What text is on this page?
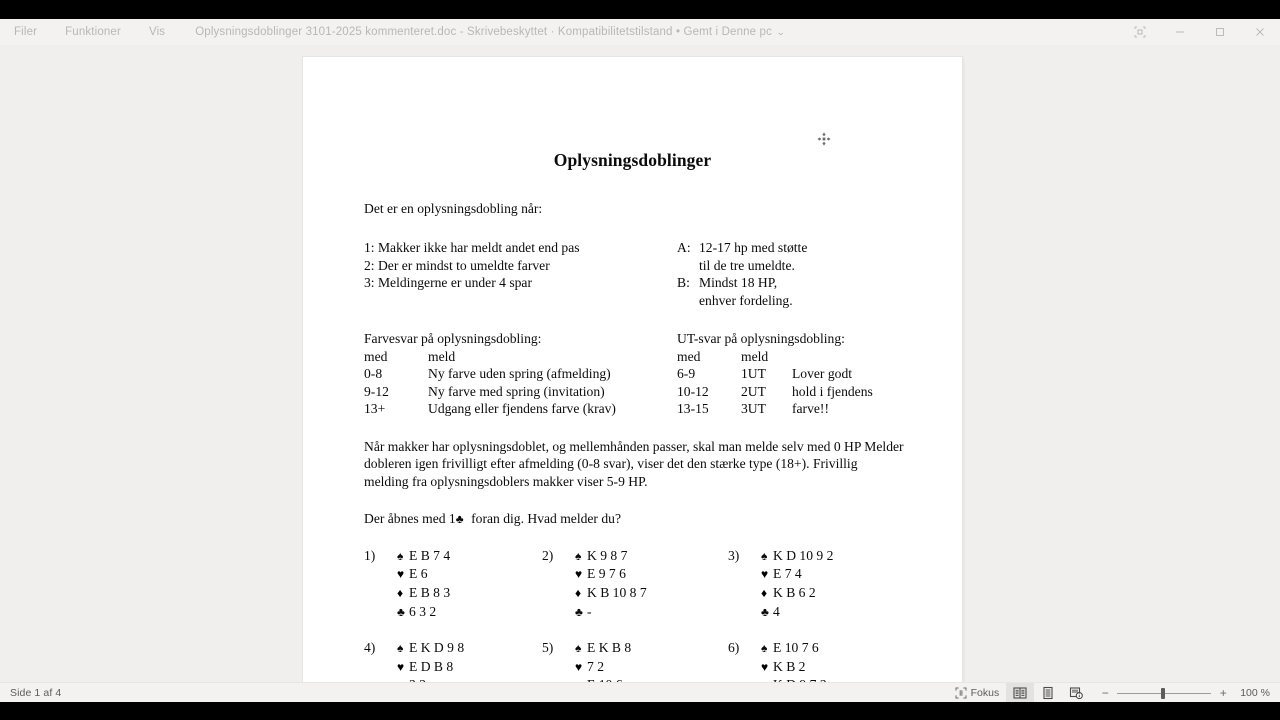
Filer	Funktioner	Vis	Oplysningsdoblinger 3101-2025 kommenteret.doc - Skrivebeskyttet · Kompatibilitetstilstand • Gemt i Denne pc ⌄
Oplysningsdoblinger
Det er en oplysningsdobling når:
1: Makker ikke har meldt andet end pas	A: 12-17 hp med støtte
2: Der er mindst to umeldte farver	til de tre umeldte.
3: Meldingerne er under 4 spar	B: Mindst 18 HP,
enhver fordeling.
Farvesvar på oplysningsdobling:
med	meld
0-8	Ny farve uden spring (afmelding)
9-12	Ny farve med spring (invitation)
13+	Udgang eller fjendens farve (krav)
UT-svar på oplysningsdobling:
med	meld	
6-9	1UT	Lover godt
10-12	2UT	hold i fjendens
13-15	3UT	farve!!
Når makker har oplysningsdoblet, og mellemhånden passer, skal man melde selv med 0 HP Melder dobleren igen frivilligt efter afmelding (0-8 svar), viser det den stærke type (18+). Frivillig melding fra oplysningsdoblers makker viser 5-9 HP.
Der åbnes med 1♣ foran dig. Hvad melder du?
1)	♠ E B 7 4
♥ E 6
♦ E B 8 3
♣ 6 3 2
2)	♠ K 9 8 7
♥ E 9 7 6
♦ K B 10 8 7
♣ -
3)	♠ K D 10 9 2
♥ E 7 4
♦ K B 6 2
♣ 4
4)	♠ E K D 9 8
♥ E D B 8
5)	♠ E K B 8
♥ 7 2
6)	♠ E 10 7 6
♥ K B 2
Side 1 af 4	Fokus	−	+	100 %
